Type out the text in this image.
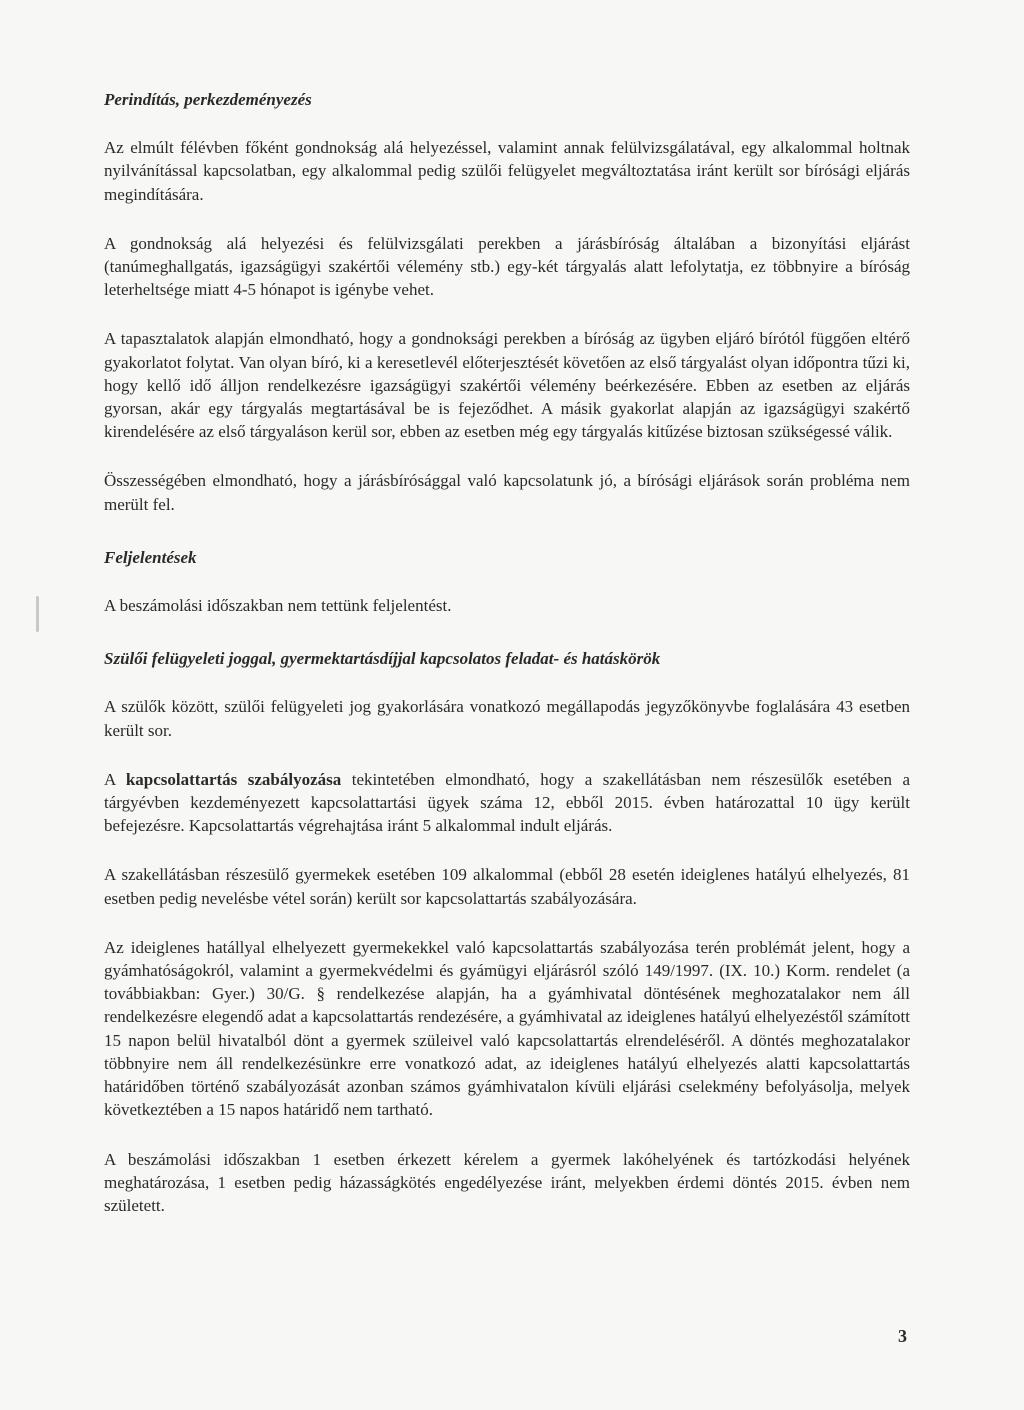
Perindítás, perkezdeményezés

Az elmúlt félévben főként gondnokság alá helyezéssel, valamint annak felülvizsgálatával, egy alkalommal holtnak nyilvánítással kapcsolatban, egy alkalommal pedig szülői felügyelet megváltoztatása iránt került sor bírósági eljárás megindítására.

A gondnokság alá helyezési és felülvizsgálati perekben a járásbíróság általában a bizonyítási eljárást (tanúmeghallgatás, igazságügyi szakértői vélemény stb.) egy-két tárgyalás alatt lefolytatja, ez többnyire a bíróság leterheltsége miatt 4-5 hónapot is igénybe vehet.

A tapasztalatok alapján elmondható, hogy a gondnoksági perekben a bíróság az ügyben eljáró bírótól függően eltérő gyakorlatot folytat. Van olyan bíró, ki a keresetlevél előterjesztését követően az első tárgyalást olyan időpontra tűzi ki, hogy kellő idő álljon rendelkezésre igazságügyi szakértői vélemény beérkezésére. Ebben az esetben az eljárás gyorsan, akár egy tárgyalás megtartásával be is fejeződhet. A másik gyakorlat alapján az igazságügyi szakértő kirendelésére az első tárgyaláson kerül sor, ebben az esetben még egy tárgyalás kitűzése biztosan szükségessé válik.

Összességében elmondható, hogy a járásbírósággal való kapcsolatunk jó, a bírósági eljárások során probléma nem merült fel.

Feljelentések

A beszámolási időszakban nem tettünk feljelentést.

Szülői felügyeleti joggal, gyermektartásdíjjal kapcsolatos feladat- és hatáskörök

A szülők között, szülői felügyeleti jog gyakorlására vonatkozó megállapodás jegyzőkönyvbe foglalására 43 esetben került sor.

A kapcsolattartás szabályozása tekintetében elmondható, hogy a szakellátásban nem részesülők esetében a tárgyévben kezdeményezett kapcsolattartási ügyek száma 12, ebből 2015. évben határozattal 10 ügy került befejezésre. Kapcsolattartás végrehajtása iránt 5 alkalommal indult eljárás.

A szakellátásban részesülő gyermekek esetében 109 alkalommal (ebből 28 esetén ideiglenes hatályú elhelyezés, 81 esetben pedig nevelésbe vétel során) került sor kapcsolattartás szabályozására.

Az ideiglenes hatállyal elhelyezett gyermekekkel való kapcsolattartás szabályozása terén problémát jelent, hogy a gyámhatóságokról, valamint a gyermekvédelmi és gyámügyi eljárásról szóló 149/1997. (IX. 10.) Korm. rendelet (a továbbiakban: Gyer.) 30/G. § rendelkezése alapján, ha a gyámhivatal döntésének meghozatalakor nem áll rendelkezésre elegendő adat a kapcsolattartás rendezésére, a gyámhivatal az ideiglenes hatályú elhelyezéstől számított 15 napon belül hivatalból dönt a gyermek szüleivel való kapcsolattartás elrendeléséről. A döntés meghozatalakor többnyire nem áll rendelkezésünkre erre vonatkozó adat, az ideiglenes hatályú elhelyezés alatti kapcsolattartás határidőben történő szabályozását azonban számos gyámhivatalon kívüli eljárási cselekmény befolyásolja, melyek következtében a 15 napos határidő nem tartható.

A beszámolási időszakban 1 esetben érkezett kérelem a gyermek lakóhelyének és tartózkodási helyének meghatározása, 1 esetben pedig házasságkötés engedélyezése iránt, melyekben érdemi döntés 2015. évben nem született.

3
